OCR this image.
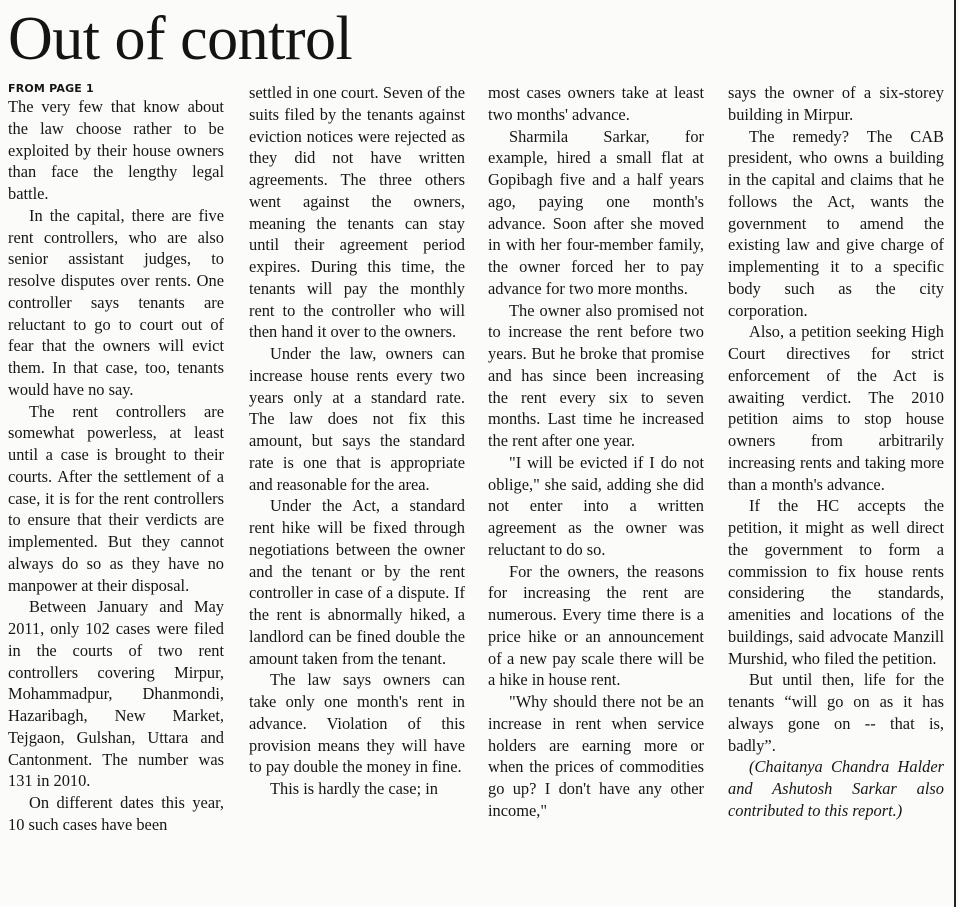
Out of control
FROM PAGE 1

The very few that know about the law choose rather to be exploited by their house owners than face the lengthy legal battle.

In the capital, there are five rent controllers, who are also senior assistant judges, to resolve disputes over rents. One controller says tenants are reluctant to go to court out of fear that the owners will evict them. In that case, too, tenants would have no say.

The rent controllers are somewhat powerless, at least until a case is brought to their courts. After the settlement of a case, it is for the rent controllers to ensure that their verdicts are implemented. But they cannot always do so as they have no manpower at their disposal.

Between January and May 2011, only 102 cases were filed in the courts of two rent controllers covering Mirpur, Mohammadpur, Dhanmondi, Hazaribagh, New Market, Tejgaon, Gulshan, Uttara and Cantonment. The number was 131 in 2010.

On different dates this year, 10 such cases have been

settled in one court. Seven of the suits filed by the tenants against eviction notices were rejected as they did not have written agreements. The three others went against the owners, meaning the tenants can stay until their agreement period expires. During this time, the tenants will pay the monthly rent to the controller who will then hand it over to the owners.

Under the law, owners can increase house rents every two years only at a standard rate. The law does not fix this amount, but says the standard rate is one that is appropriate and reasonable for the area.

Under the Act, a standard rent hike will be fixed through negotiations between the owner and the tenant or by the rent controller in case of a dispute. If the rent is abnormally hiked, a landlord can be fined double the amount taken from the tenant.

The law says owners can take only one month's rent in advance. Violation of this provision means they will have to pay double the money in fine.

This is hardly the case; in

most cases owners take at least two months' advance.

Sharmila Sarkar, for example, hired a small flat at Gopibagh five and a half years ago, paying one month's advance. Soon after she moved in with her four-member family, the owner forced her to pay advance for two more months.

The owner also promised not to increase the rent before two years. But he broke that promise and has since been increasing the rent every six to seven months. Last time he increased the rent after one year.

"I will be evicted if I do not oblige," she said, adding she did not enter into a written agreement as the owner was reluctant to do so.

For the owners, the reasons for increasing the rent are numerous. Every time there is a price hike or an announcement of a new pay scale there will be a hike in house rent.

"Why should there not be an increase in rent when service holders are earning more or when the prices of commodities go up? I don't have any other income,"

says the owner of a six-storey building in Mirpur.

The remedy? The CAB president, who owns a building in the capital and claims that he follows the Act, wants the government to amend the existing law and give charge of implementing it to a specific body such as the city corporation.

Also, a petition seeking High Court directives for strict enforcement of the Act is awaiting verdict. The 2010 petition aims to stop house owners from arbitrarily increasing rents and taking more than a month's advance.

If the HC accepts the petition, it might as well direct the government to form a commission to fix house rents considering the standards, amenities and locations of the buildings, said advocate Manzill Murshid, who filed the petition.

But until then, life for the tenants “will go on as it has always gone on -- that is, badly”.

(Chaitanya Chandra Halder and Ashutosh Sarkar also contributed to this report.)
